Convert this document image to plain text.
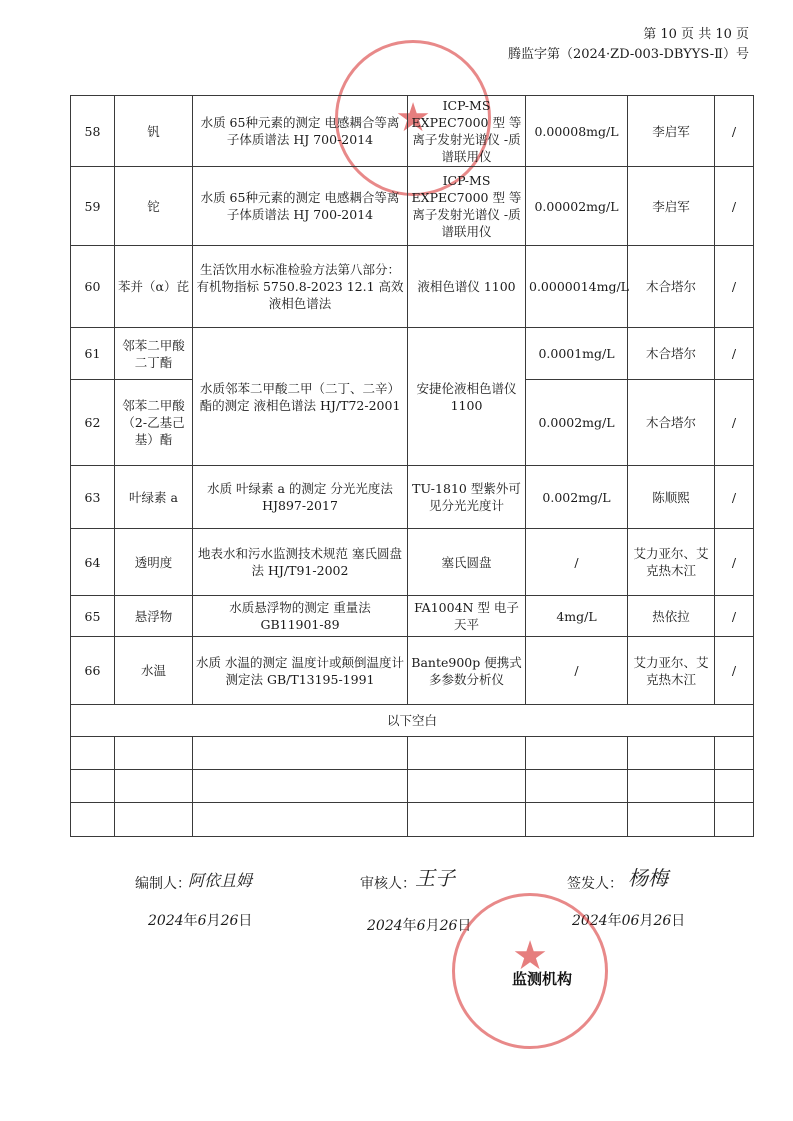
第 10 页 共 10 页
腾监字第（2024·ZD-003-DBYYS-Ⅱ）号
★
58	钒	水质 65种元素的测定 电感耦合等离子体质谱法 HJ 700-2014	ICP-MS EXPEC7000 型 等离子发射光谱仪 -质谱联用仪	0.00008mg/L	李启军	/
59	铊	水质 65种元素的测定 电感耦合等离子体质谱法 HJ 700-2014	ICP-MS EXPEC7000 型 等离子发射光谱仪 -质谱联用仪	0.00002mg/L	李启军	/
60	苯并（α）芘	生活饮用水标准检验方法第八部分：有机物指标 5750.8-2023 12.1 高效液相色谱法	液相色谱仪 1100	0.0000014mg/L	木合塔尔	/
61	邻苯二甲酸二丁酯	水质邻苯二甲酸二甲（二丁、二辛）酯的测定 液相色谱法 HJ/T72-2001	安捷伦液相色谱仪 1100	0.0001mg/L	木合塔尔	/
62	邻苯二甲酸（2-乙基己基）酯			0.0002mg/L	木合塔尔	/
63	叶绿素 a	水质 叶绿素 a 的测定 分光光度法 HJ897-2017	TU-1810 型紫外可见分光光度计	0.002mg/L	陈顺熙	/
64	透明度	地表水和污水监测技术规范 塞氏圆盘法 HJ/T91-2002	塞氏圆盘	/	艾力亚尔、艾克热木江	/
65	悬浮物	水质悬浮物的测定 重量法 GB11901-89	FA1004N 型 电子天平	4mg/L	热依拉	/
66	水温	水质 水温的测定 温度计或颠倒温度计测定法 GB/T13195-1991	Bante900p 便携式多参数分析仪	/	艾力亚尔、艾克热木江	/
以下空白						

编制人：
阿依且姆	审核人： 王子	签发人： 杨梅
2024年6月26日	2024年6月26日	2024年06月26日
★
监测机构
